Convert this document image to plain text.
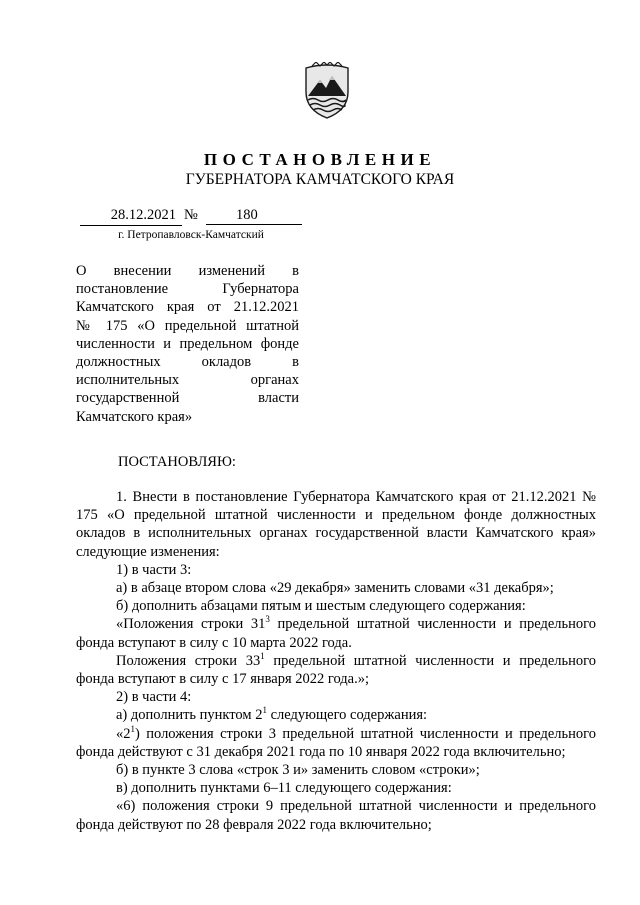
ПОСТАНОВЛЕНИЕ
ГУБЕРНАТОРА КАМЧАТСКОГО КРАЯ
28.12.2021 №	180
г. Петропавловск-Камчатский
О внесении изменений в
постановление Губернатора
Камчатского края от 21.12.2021
№ 175 «О предельной штатной
численности и предельном фонде
должностных окладов в
исполнительных органах
государственной власти
Камчатского края»
ПОСТАНОВЛЯЮ:

1. Внести в постановление Губернатора Камчатского края от 21.12.2021 № 175 «О предельной штатной численности и предельном фонде должностных окладов в исполнительных органах государственной власти Камчатского края» следующие изменения:

1) в части 3:

а) в абзаце втором слова «29 декабря» заменить словами «31 декабря»;

б) дополнить абзацами пятым и шестым следующего содержания:

«Положения строки $31^3$ предельной штатной численности и предельного фонда вступают в силу с 10 марта 2022 года.

Положения строки $33^1$ предельной штатной численности и предельного фонда вступают в силу с 17 января 2022 года.»;

2) в части 4:

а) дополнить пунктом $2^1$ следующего содержания:

«$2^1$) положения строки 3 предельной штатной численности и предельного фонда действуют с 31 декабря 2021 года по 10 января 2022 года включительно;

б) в пункте 3 слова «строк 3 и» заменить словом «строки»;

в) дополнить пунктами 6–11 следующего содержания:

«6) положения строки 9 предельной штатной численности и предельного фонда действуют по 28 февраля 2022 года включительно;
